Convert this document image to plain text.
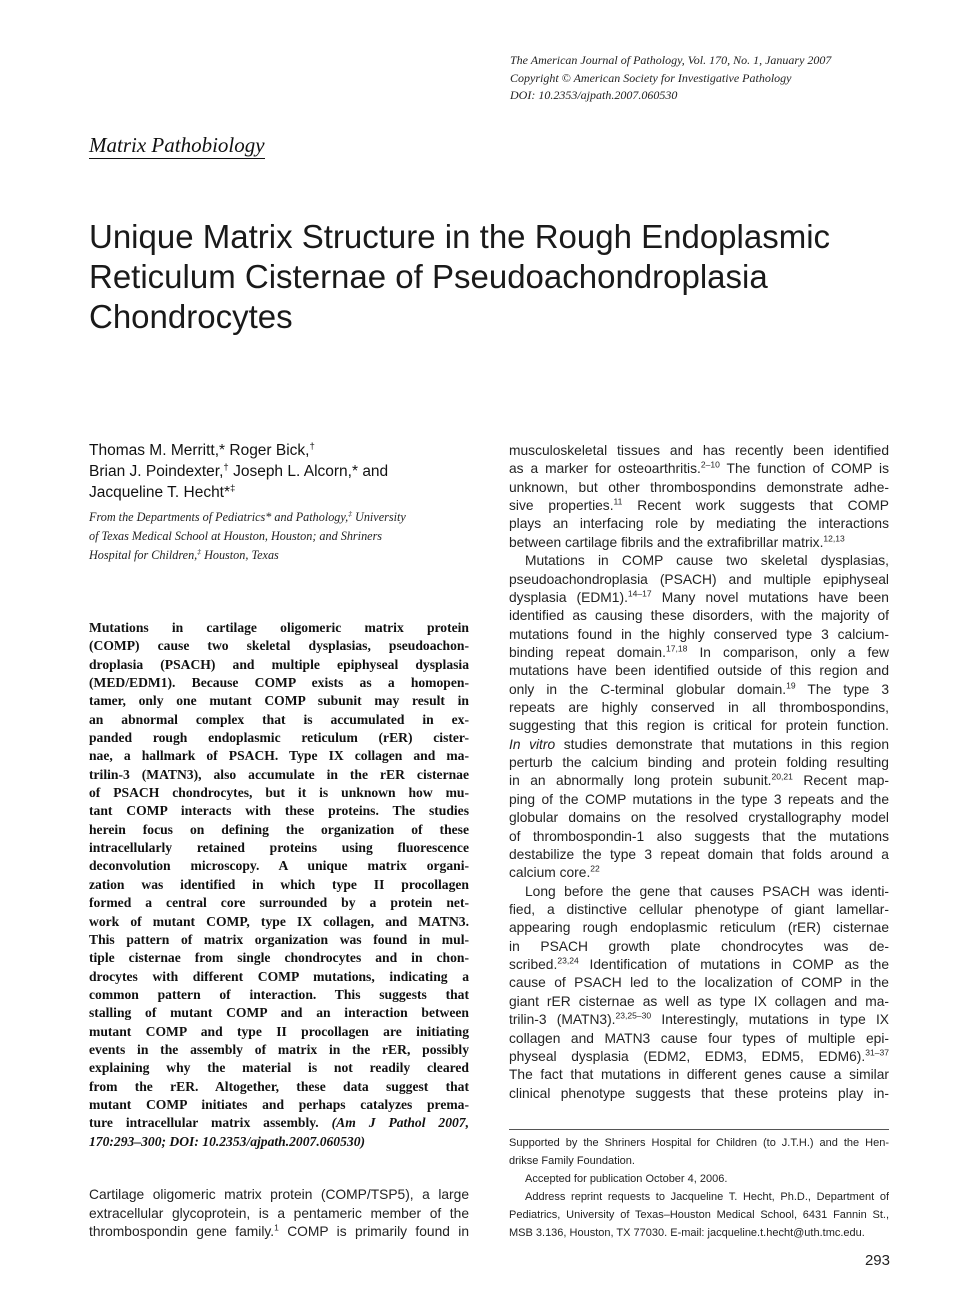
The American Journal of Pathology, Vol. 170, No. 1, January 2007
Copyright © American Society for Investigative Pathology
DOI: 10.2353/ajpath.2007.060530
Matrix Pathobiology
Unique Matrix Structure in the Rough Endoplasmic
Reticulum Cisternae of Pseudoachondroplasia
Chondrocytes
Thomas M. Merritt,* Roger Bick,†
Brian J. Poindexter,† Joseph L. Alcorn,* and
Jacqueline T. Hecht*‡
From the Departments of Pediatrics* and Pathology,‡ University
of Texas Medical School at Houston, Houston; and Shriners
Hospital for Children,‡ Houston, Texas
Mutations in cartilage oligomeric matrix protein
(COMP) cause two skeletal dysplasias, pseudoachon-
droplasia (PSACH) and multiple epiphyseal dysplasia
(MED/EDM1). Because COMP exists as a homopen-
tamer, only one mutant COMP subunit may result in
an abnormal complex that is accumulated in ex-
panded rough endoplasmic reticulum (rER) cister-
nae, a hallmark of PSACH. Type IX collagen and ma-
trilin-3 (MATN3), also accumulate in the rER cisternae
of PSACH chondrocytes, but it is unknown how mu-
tant COMP interacts with these proteins. The studies
herein focus on defining the organization of these
intracellularly retained proteins using fluorescence
deconvolution microscopy. A unique matrix organi-
zation was identified in which type II procollagen
formed a central core surrounded by a protein net-
work of mutant COMP, type IX collagen, and MATN3.
This pattern of matrix organization was found in mul-
tiple cisternae from single chondrocytes and in chon-
drocytes with different COMP mutations, indicating a
common pattern of interaction. This suggests that
stalling of mutant COMP and an interaction between
mutant COMP and type II procollagen are initiating
events in the assembly of matrix in the rER, possibly
explaining why the material is not readily cleared
from the rER. Altogether, these data suggest that
mutant COMP initiates and perhaps catalyzes prema-
ture intracellular matrix assembly. (Am J Pathol 2007,
170:293–300; DOI: 10.2353/ajpath.2007.060530)
Cartilage oligomeric matrix protein (COMP/TSP5), a large
extracellular glycoprotein, is a pentameric member of the
thrombospondin gene family.$^1$ COMP is primarily found in
musculoskeletal tissues and has recently been identified
as a marker for osteoarthritis.$^{2-10}$ The function of COMP is
unknown, but other thrombospondins demonstrate adhe-
sive properties.$^{11}$ Recent work suggests that COMP
plays an interfacing role by mediating the interactions
between cartilage fibrils and the extrafibrillar matrix.$^{12,13}$
Mutations in COMP cause two skeletal dysplasias,
pseudoachondroplasia (PSACH) and multiple epiphyseal
dysplasia (EDM1).$^{14-17}$ Many novel mutations have been
identified as causing these disorders, with the majority of
mutations found in the highly conserved type 3 calcium-
binding repeat domain.$^{17,18}$ In comparison, only a few
mutations have been identified outside of this region and
only in the C-terminal globular domain.$^{19}$ The type 3
repeats are highly conserved in all thrombospondins,
suggesting that this region is critical for protein function.
In vitro studies demonstrate that mutations in this region
perturb the calcium binding and protein folding resulting
in an abnormally long protein subunit.$^{20,21}$ Recent map-
ping of the COMP mutations in the type 3 repeats and the
globular domains on the resolved crystallography model
of thrombospondin-1 also suggests that the mutations
destabilize the type 3 repeat domain that folds around a
calcium core.$^{22}$
Long before the gene that causes PSACH was identi-
fied, a distinctive cellular phenotype of giant lamellar-
appearing rough endoplasmic reticulum (rER) cisternae
in PSACH growth plate chondrocytes was de-
scribed.$^{23,24}$ Identification of mutations in COMP as the
cause of PSACH led to the localization of COMP in the
giant rER cisternae as well as type IX collagen and ma-
trilin-3 (MATN3).$^{23,25-30}$ Interestingly, mutations in type IX
collagen and MATN3 cause four types of multiple epi-
physeal dysplasia (EDM2, EDM3, EDM5, EDM6).$^{31-37}$
The fact that mutations in different genes cause a similar
clinical phenotype suggests that these proteins play in-
Supported by the Shriners Hospital for Children (to J.T.H.) and the Hen-
drikse Family Foundation.
Accepted for publication October 4, 2006.
Address reprint requests to Jacqueline T. Hecht, Ph.D., Department of
Pediatrics, University of Texas–Houston Medical School, 6431 Fannin St.,
MSB 3.136, Houston, TX 77030. E-mail: jacqueline.t.hecht@uth.tmc.edu.
293
